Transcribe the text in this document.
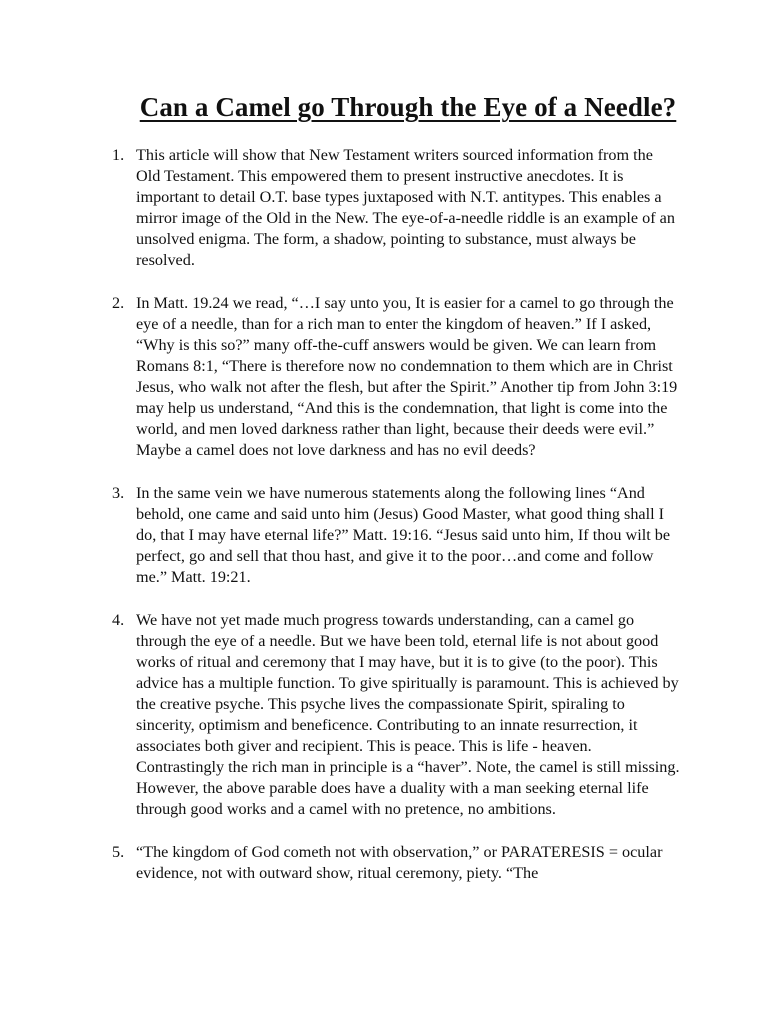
Can a Camel go Through the Eye of a Needle?
1. This article will show that New Testament writers sourced information from the Old Testament. This empowered them to present instructive anecdotes. It is important to detail O.T. base types juxtaposed with N.T. antitypes. This enables a mirror image of the Old in the New. The eye-of-a-needle riddle is an example of an unsolved enigma. The form, a shadow, pointing to substance, must always be resolved.

2. In Matt. 19.24 we read, “…I say unto you, It is easier for a camel to go through the eye of a needle, than for a rich man to enter the kingdom of heaven.” If I asked, “Why is this so?” many off-the-cuff answers would be given. We can learn from Romans 8:1, “There is therefore now no condemnation to them which are in Christ Jesus, who walk not after the flesh, but after the Spirit.” Another tip from John 3:19 may help us understand, “And this is the condemnation, that light is come into the world, and men loved darkness rather than light, because their deeds were evil.” Maybe a camel does not love darkness and has no evil deeds?

3. In the same vein we have numerous statements along the following lines “And behold, one came and said unto him (Jesus) Good Master, what good thing shall I do, that I may have eternal life?” Matt. 19:16. “Jesus said unto him, If thou wilt be perfect, go and sell that thou hast, and give it to the poor…and come and follow me.” Matt. 19:21.

4. We have not yet made much progress towards understanding, can a camel go through the eye of a needle. But we have been told, eternal life is not about good works of ritual and ceremony that I may have, but it is to give (to the poor). This advice has a multiple function. To give spiritually is paramount. This is achieved by the creative psyche. This psyche lives the compassionate Spirit, spiraling to sincerity, optimism and beneficence. Contributing to an innate resurrection, it associates both giver and recipient. This is peace. This is life - heaven. Contrastingly the rich man in principle is a “haver”. Note, the camel is still missing. However, the above parable does have a duality with a man seeking eternal life through good works and a camel with no pretence, no ambitions.

5. “The kingdom of God cometh not with observation,” or PARATERESIS = ocular evidence, not with outward show, ritual ceremony, piety. “The
